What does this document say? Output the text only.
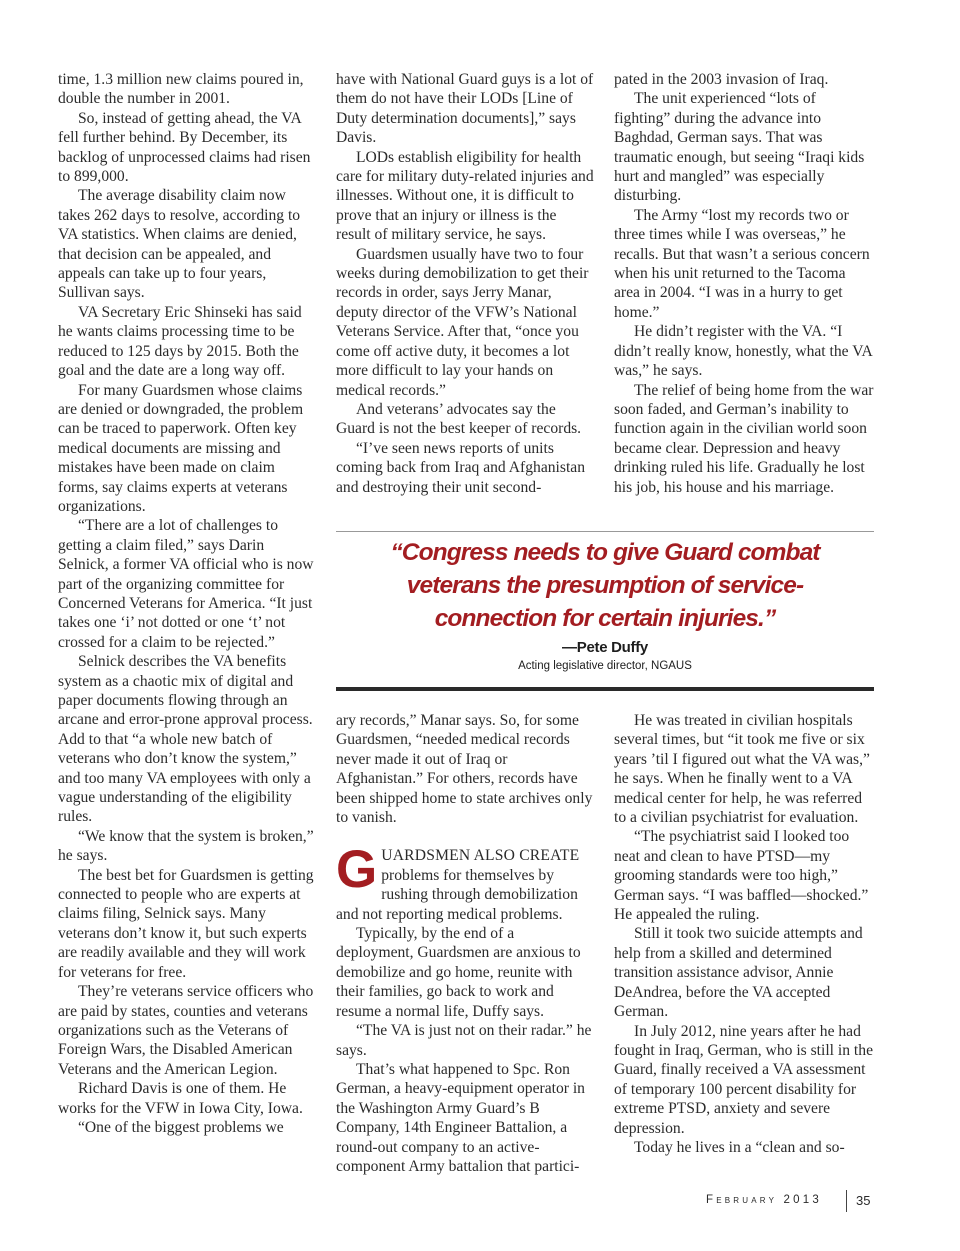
time, 1.3 million new claims poured in, double the number in 2001.

So, instead of getting ahead, the VA fell further behind. By December, its backlog of unprocessed claims had risen to 899,000.

The average disability claim now takes 262 days to resolve, according to VA statistics. When claims are denied, that decision can be appealed, and appeals can take up to four years, Sullivan says.

VA Secretary Eric Shinseki has said he wants claims processing time to be reduced to 125 days by 2015. Both the goal and the date are a long way off.

For many Guardsmen whose claims are denied or downgraded, the problem can be traced to paperwork. Often key medical documents are missing and mistakes have been made on claim forms, say claims experts at veterans organizations.

“There are a lot of challenges to getting a claim filed,” says Darin Selnick, a former VA official who is now part of the organizing committee for Concerned Veterans for America. “It just takes one ‘i’ not dotted or one ‘t’ not crossed for a claim to be rejected.”

Selnick describes the VA benefits system as a chaotic mix of digital and paper documents flowing through an arcane and error-prone approval process. Add to that “a whole new batch of veterans who don’t know the system,” and too many VA employees with only a vague understanding of the eligibility rules.

“We know that the system is broken,” he says.

The best bet for Guardsmen is getting connected to people who are experts at claims filing, Selnick says. Many veterans don’t know it, but such experts are readily available and they will work for veterans for free.

They’re veterans service officers who are paid by states, counties and veterans organizations such as the Veterans of Foreign Wars, the Disabled American Veterans and the American Legion.

Richard Davis is one of them. He works for the VFW in Iowa City, Iowa.

“One of the biggest problems we

have with National Guard guys is a lot of them do not have their LODs [Line of Duty determination documents],” says Davis.

LODs establish eligibility for health care for military duty-related injuries and illnesses. Without one, it is difficult to prove that an injury or illness is the result of military service, he says.

Guardsmen usually have two to four weeks during demobilization to get their records in order, says Jerry Manar, deputy director of the VFW’s National Veterans Service. After that, “once you come off active duty, it becomes a lot more difficult to lay your hands on medical records.”

And veterans’ advocates say the Guard is not the best keeper of records.

“I’ve seen news reports of units coming back from Iraq and Afghanistan and destroying their unit second-

pated in the 2003 invasion of Iraq.

The unit experienced “lots of fighting” during the advance into Baghdad, German says. That was traumatic enough, but seeing “Iraqi kids hurt and mangled” was especially disturbing.

The Army “lost my records two or three times while I was overseas,” he recalls. But that wasn’t a serious concern when his unit returned to the Tacoma area in 2004. “I was in a hurry to get home.”

He didn’t register with the VA. “I didn’t really know, honestly, what the VA was,” he says.

The relief of being home from the war soon faded, and German’s inability to function again in the civilian world soon became clear. Depression and heavy drinking ruled his life. Gradually he lost his job, his house and his marriage.

“Congress needs to give Guard combat veterans the presumption of service-connection for certain injuries.”

—Pete Duffy
Acting legislative director, NGAUS

ary records,” Manar says. So, for some Guardsmen, “needed medical records never made it out of Iraq or Afghanistan.” For others, records have been shipped home to state archives only to vanish.

GUARDSMEN ALSO CREATE problems for themselves by rushing through demobilization and not reporting medical problems.

Typically, by the end of a deployment, Guardsmen are anxious to demobilize and go home, reunite with their families, go back to work and resume a normal life, Duffy says.

“The VA is just not on their radar.” he says.

That’s what happened to Spc. Ron German, a heavy-equipment operator in the Washington Army Guard’s B Company, 14th Engineer Battalion, a round-out company to an active-component Army battalion that partici-

He was treated in civilian hospitals several times, but “it took me five or six years ’til I figured out what the VA was,” he says. When he finally went to a VA medical center for help, he was referred to a civilian psychiatrist for evaluation.

“The psychiatrist said I looked too neat and clean to have PTSD—my grooming standards were too high,” German says. “I was baffled—shocked.” He appealed the ruling.

Still it took two suicide attempts and help from a skilled and determined transition assistance advisor, Annie DeAndrea, before the VA accepted German.

In July 2012, nine years after he had fought in Iraq, German, who is still in the Guard, finally received a VA assessment of temporary 100 percent disability for extreme PTSD, anxiety and severe depression.

Today he lives in a “clean and so-

February 2013	35
